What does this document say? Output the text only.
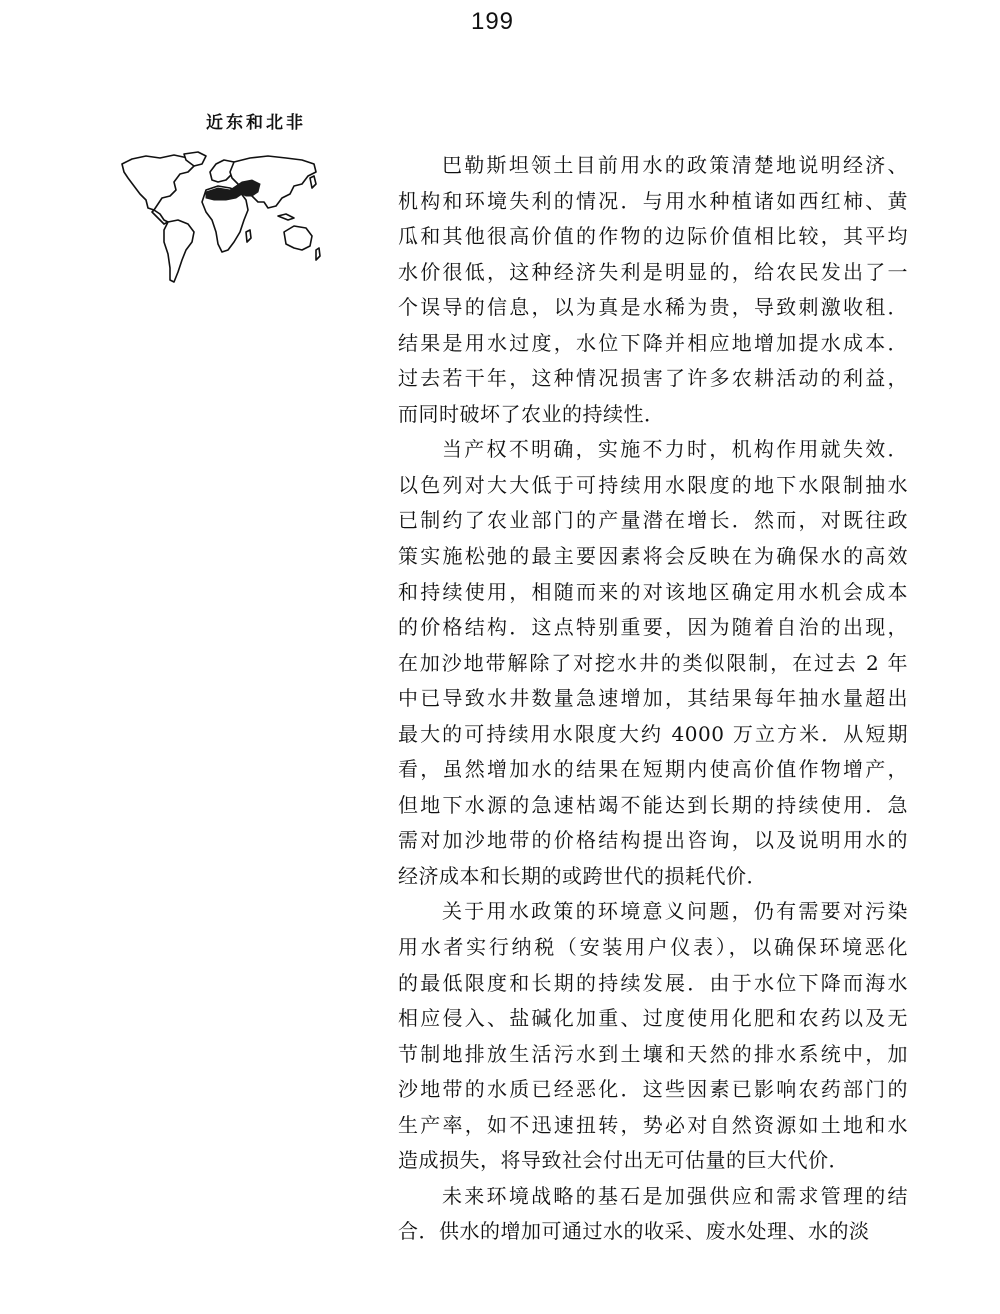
199
近东和北非
巴勒斯坦领土目前用水的政策清楚地说明经济、
机构和环境失利的情况．与用水种植诸如西红柿、黄
瓜和其他很高价值的作物的边际价值相比较，其平均
水价很低，这种经济失利是明显的，给农民发出了一
个误导的信息，以为真是水稀为贵，导致刺激收租．
结果是用水过度，水位下降并相应地增加提水成本．
过去若干年，这种情况损害了许多农耕活动的利益，
而同时破坏了农业的持续性．
当产权不明确，实施不力时，机构作用就失效．
以色列对大大低于可持续用水限度的地下水限制抽水
已制约了农业部门的产量潜在增长．然而，对既往政
策实施松弛的最主要因素将会反映在为确保水的高效
和持续使用，相随而来的对该地区确定用水机会成本
的价格结构．这点特别重要，因为随着自治的出现，
在加沙地带解除了对挖水井的类似限制，在过去 2 年
中已导致水井数量急速增加，其结果每年抽水量超出
最大的可持续用水限度大约 4000 万立方米．从短期
看，虽然增加水的结果在短期内使高价值作物增产，
但地下水源的急速枯竭不能达到长期的持续使用．急
需对加沙地带的价格结构提出咨询，以及说明用水的
经济成本和长期的或跨世代的损耗代价．
关于用水政策的环境意义问题，仍有需要对污染
用水者实行纳税（安装用户仪表），以确保环境恶化
的最低限度和长期的持续发展．由于水位下降而海水
相应侵入、盐碱化加重、过度使用化肥和农药以及无
节制地排放生活污水到土壤和天然的排水系统中，加
沙地带的水质已经恶化．这些因素已影响农药部门的
生产率，如不迅速扭转，势必对自然资源如土地和水
造成损失，将导致社会付出无可估量的巨大代价．
未来环境战略的基石是加强供应和需求管理的结
合．供水的增加可通过水的收采、废水处理、水的淡
